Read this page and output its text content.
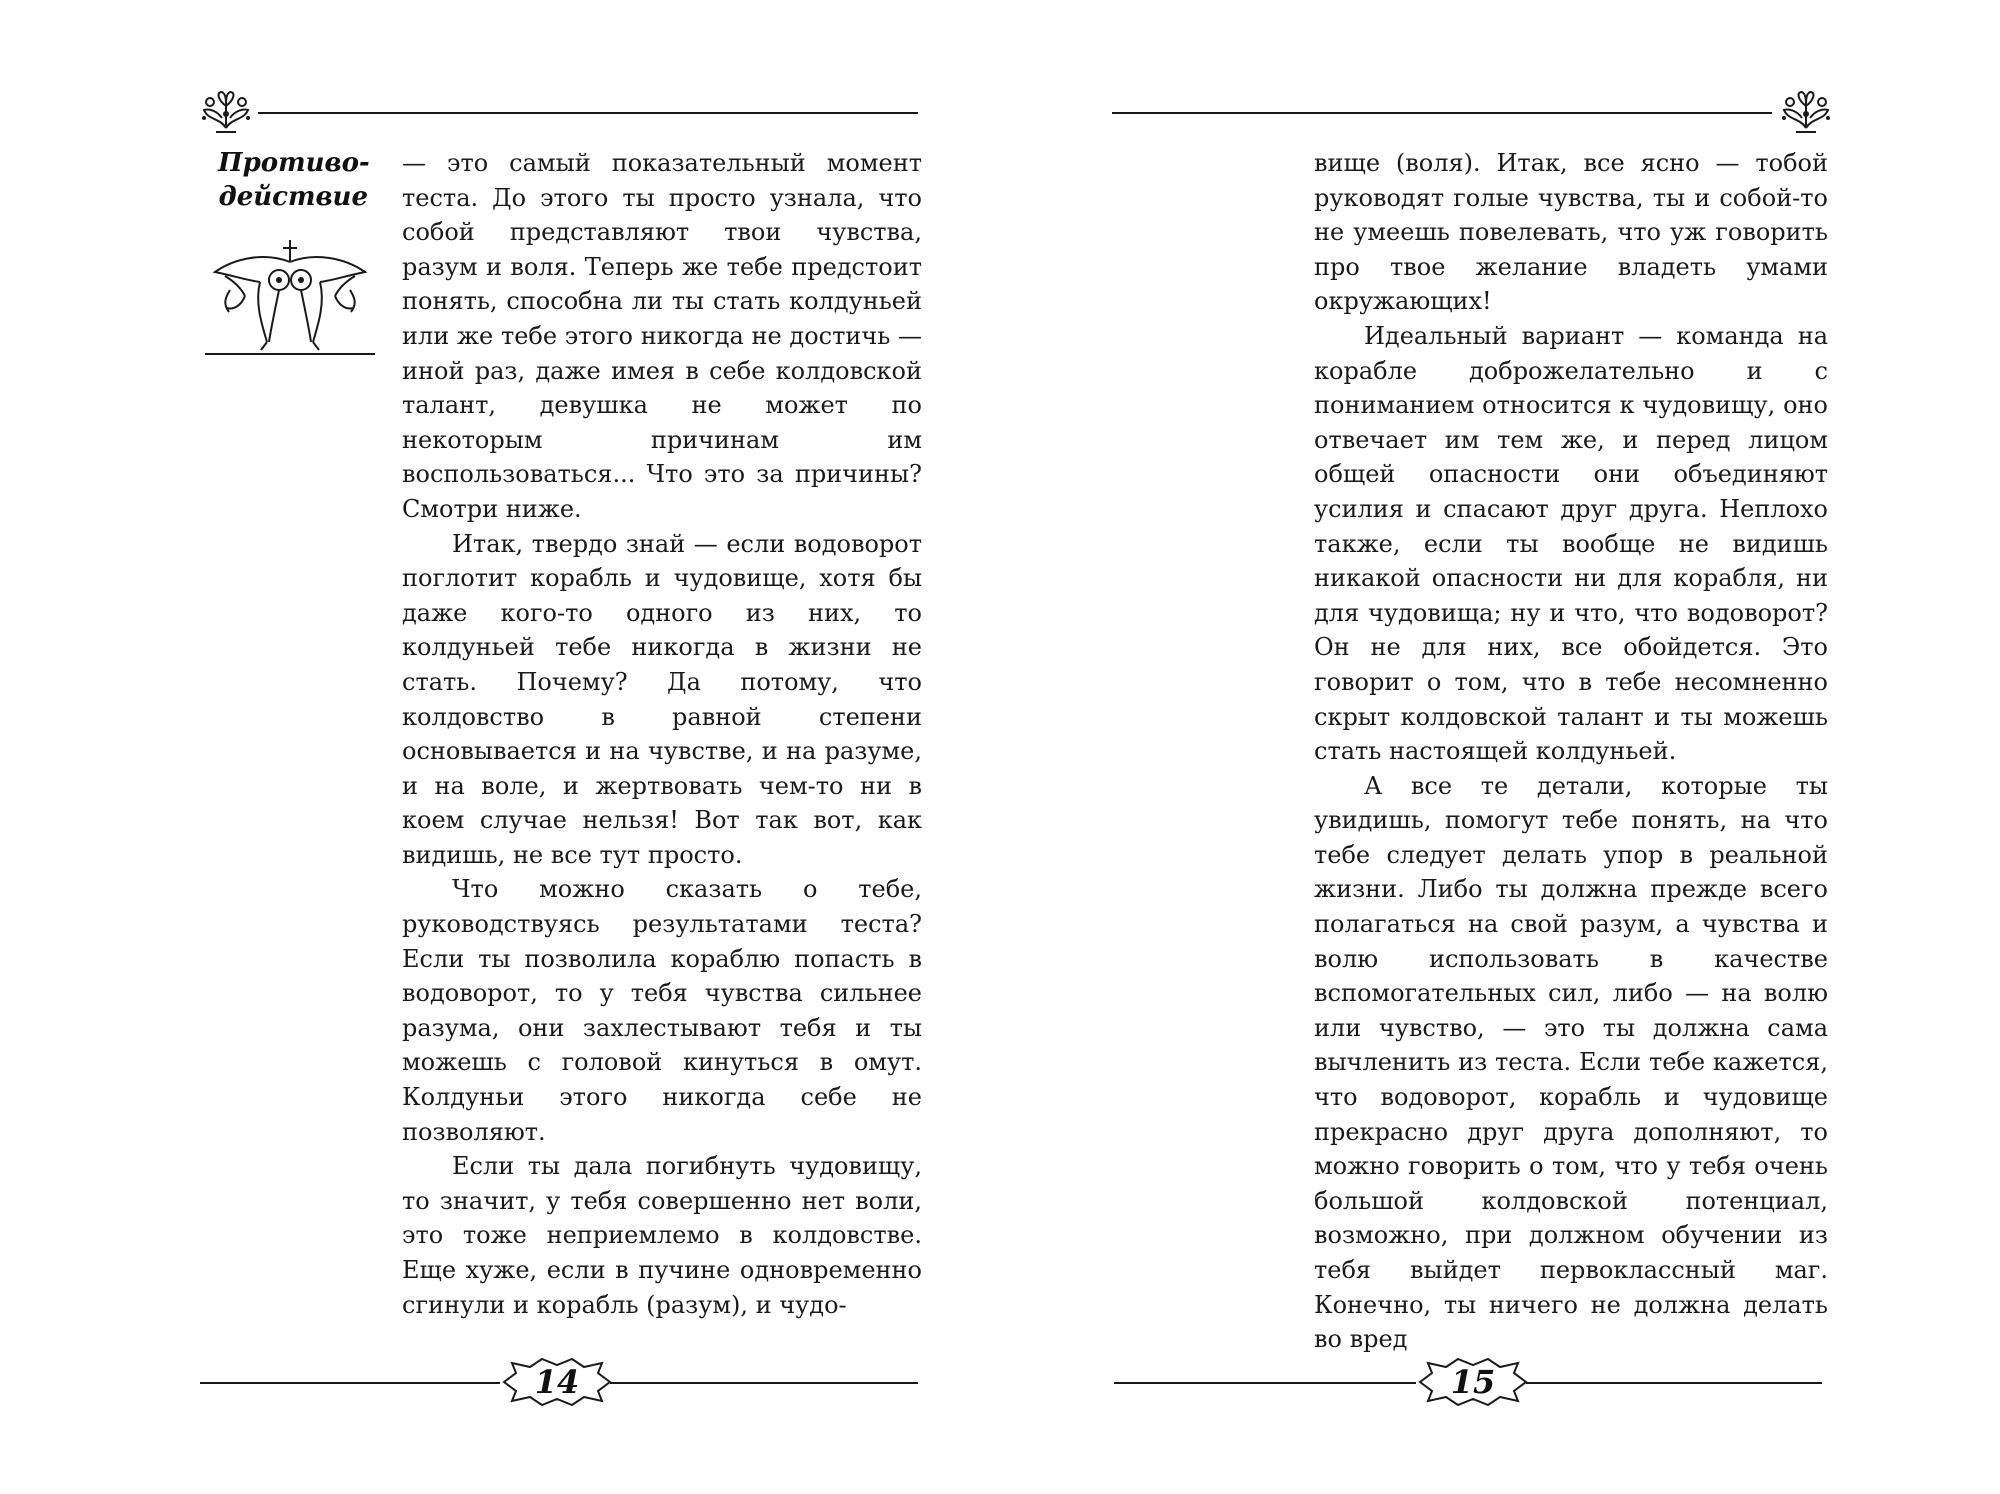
Противо-
действие

— это самый показательный момент теста. До этого ты просто узнала, что собой представляют твои чувства, разум и воля. Теперь же тебе предстоит понять, способна ли ты стать колдуньей или же тебе этого никогда не достичь — иной раз, даже имея в себе колдовской талант, девушка не может по некоторым причинам им воспользоваться... Что это за причины? Смотри ниже.

Итак, твердо знай — если водоворот поглотит корабль и чудовище, хотя бы даже кого-то одного из них, то колдуньей тебе никогда в жизни не стать. Почему? Да потому, что колдовство в равной степени основывается и на чувстве, и на разуме, и на воле, и жертвовать чем-то ни в коем случае нельзя! Вот так вот, как видишь, не все тут просто.

Что можно сказать о тебе, руководствуясь результатами теста? Если ты позволила кораблю попасть в водоворот, то у тебя чувства сильнее разума, они захлестывают тебя и ты можешь с головой кинуться в омут. Колдуньи этого никогда себе не позволяют.

Если ты дала погибнуть чудовищу, то значит, у тебя совершенно нет воли, это тоже неприемлемо в колдовстве. Еще хуже, если в пучине одновременно сгинули и корабль (разум), и чудо-

14

вище (воля). Итак, все ясно — тобой руководят голые чувства, ты и собой-то не умеешь повелевать, что уж говорить про твое желание владеть умами окружающих!

Идеальный вариант — команда на корабле доброжелательно и с пониманием относится к чудовищу, оно отвечает им тем же, и перед лицом общей опасности они объединяют усилия и спасают друг друга. Неплохо также, если ты вообще не видишь никакой опасности ни для корабля, ни для чудовища; ну и что, что водоворот? Он не для них, все обойдется. Это говорит о том, что в тебе несомненно скрыт колдовской талант и ты можешь стать настоящей колдуньей.

А все те детали, которые ты увидишь, помогут тебе понять, на что тебе следует делать упор в реальной жизни. Либо ты должна прежде всего полагаться на свой разум, а чувства и волю использовать в качестве вспомогательных сил, либо — на волю или чувство, — это ты должна сама вычленить из теста. Если тебе кажется, что водоворот, корабль и чудовище прекрасно друг друга дополняют, то можно говорить о том, что у тебя очень большой колдовской потенциал, возможно, при должном обучении из тебя выйдет первоклассный маг. Конечно, ты ничего не должна делать во вред

15
